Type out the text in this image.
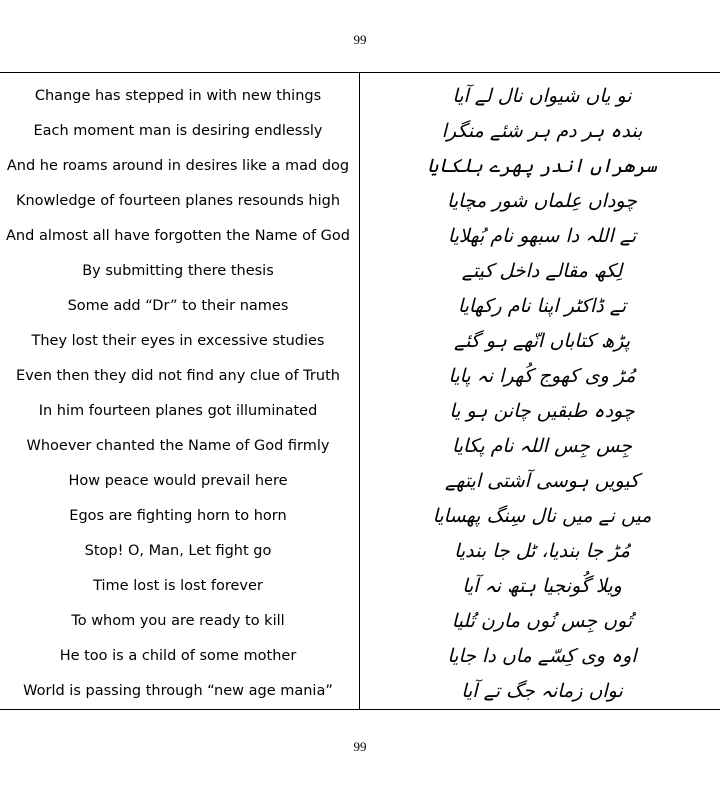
99
Change has stepped in with new things
Each moment man is desiring endlessly
And he roams around in desires like a mad dog
Knowledge of fourteen planes resounds high
And almost all have forgotten the Name of God
By submitting there thesis
Some add “Dr” to their names
They lost their eyes in excessive studies
Even then they did not find any clue of Truth
In him fourteen planes got illuminated
Whoever chanted the Name of God firmly
How peace would prevail here
Egos are fighting horn to horn
Stop! O, Man, Let fight go
Time lost is lost forever
To whom you are ready to kill
He too is a child of some mother
World is passing through “new age mania”
نو یاں شیواں نال لے آیا
بندہ ہر دم ہر شئے منگرا
سرھراں اندر پھرے ہلکایا
چوداں عِلماں شور مچایا
تے اللہ دا سبھو نام بُھلایا
لِکھ مقالے داخل کیتے
تے ڈاکٹر اپنا نام رکھایا
پڑھ کتاباں انّھے ہو گئے
مُڑ وی کھوج کُھرا نہ پایا
چودہ طبقیں چانن ہو یا
جِس جِس اللہ نام پکایا
کیویں ہوسی آشتی ایتھے
میں نے میں نال سِنگ پھسایا
مُڑ جا بندیا، ٹل جا بندیا
ویلا گُونجیا ہتھ نہ آیا
تُوں جِس نُوں مارن تُلیا
اوہ وی کِسّے ماں دا جایا
نواں زمانہ جگ تے آیا
99
